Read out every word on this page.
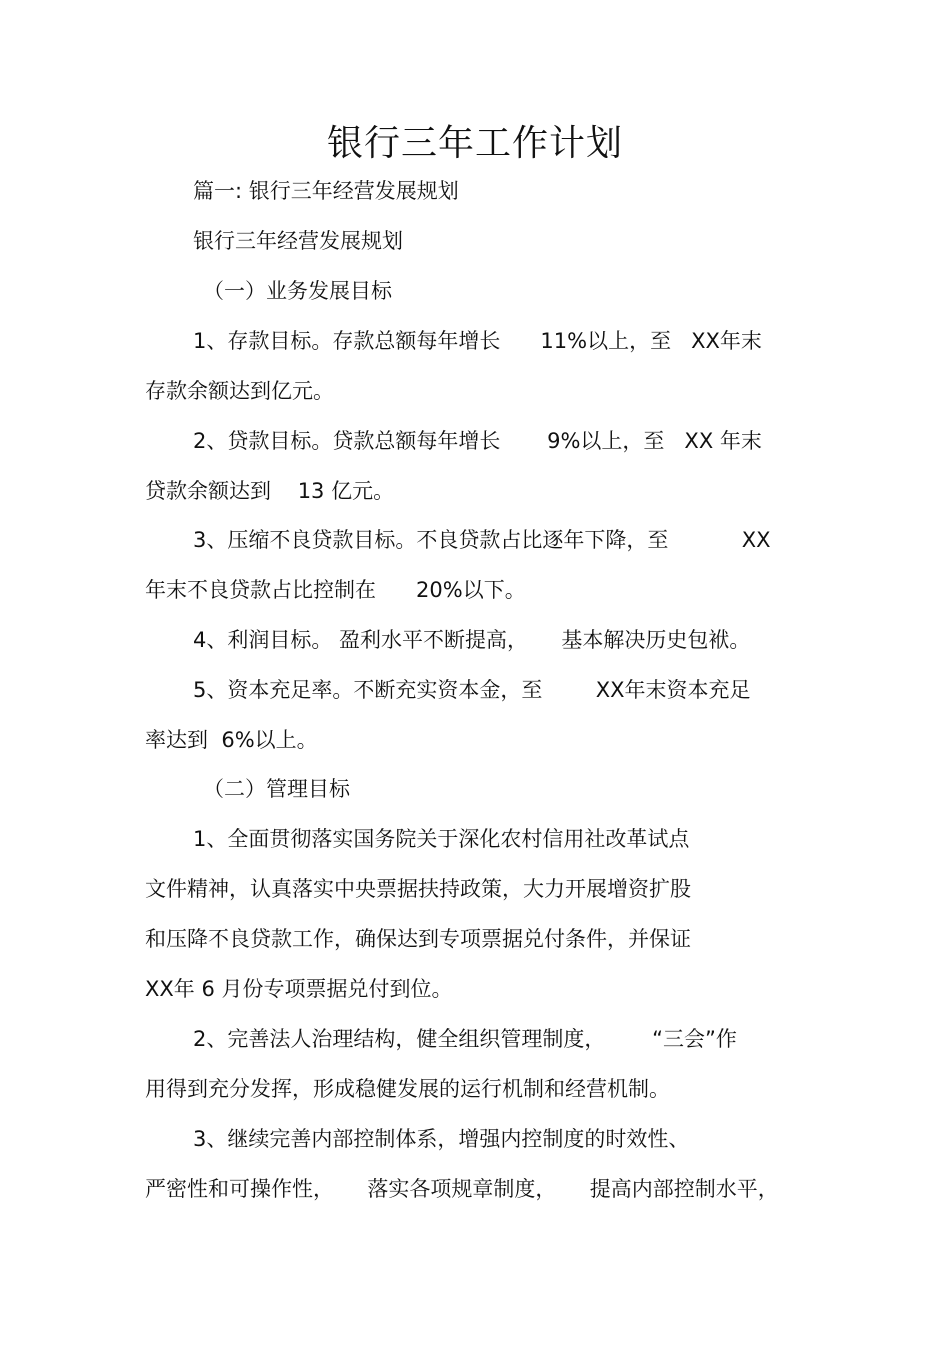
银行三年工作计划
篇一: 银行三年经营发展规划
银行三年经营发展规划
（一）业务发展目标
1、存款目标。存款总额每年增长      11%以上，至   XX年末
存款余额达到亿元。
2、贷款目标。贷款总额每年增长       9%以上，至   XX 年末
贷款余额达到    13 亿元。
3、压缩不良贷款目标。不良贷款占比逐年下降，至           XX
年末不良贷款占比控制在      20%以下。
4、利润目标。 盈利水平不断提高，     基本解决历史包袱。
5、资本充足率。不断充实资本金，至        XX年末资本充足
率达到  6%以上。
（二）管理目标
1、全面贯彻落实国务院关于深化农村信用社改革试点
文件精神，认真落实中央票据扶持政策，大力开展增资扩股
和压降不良贷款工作，确保达到专项票据兑付条件，并保证
XX年 6 月份专项票据兑付到位。
2、完善法人治理结构，健全组织管理制度，       “三会”作
用得到充分发挥，形成稳健发展的运行机制和经营机制。
3、继续完善内部控制体系，增强内控制度的时效性、
严密性和可操作性，     落实各项规章制度，     提高内部控制水平，
